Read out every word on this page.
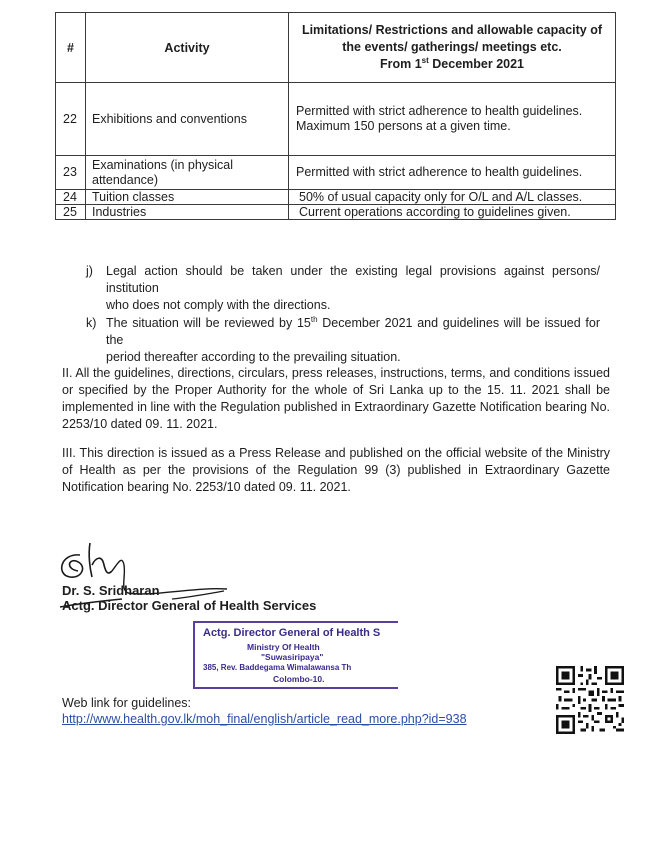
#	Activity	Limitations/ Restrictions and allowable capacity of
the events/ gatherings/ meetings etc.
From 1st December 2021

22	Exhibitions and conventions	Permitted with strict adherence to health guidelines.
Maximum 150 persons at a given time.

23	Examinations (in physical
attendance)	Permitted with strict adherence to health guidelines.
24	Tuition classes	50% of usual capacity only for O/L and A/L classes.
25	Industries	Current operations according to guidelines given.
j) Legal action should be taken under the existing legal provisions against persons/ institution
who does not comply with the directions.
k) The situation will be reviewed by 15th December 2021 and guidelines will be issued for the
period thereafter according to the prevailing situation.
II. All the guidelines, directions, circulars, press releases, instructions, terms, and conditions issued or specified by the Proper Authority for the whole of Sri Lanka up to the 15. 11. 2021 shall be implemented in line with the Regulation published in Extraordinary Gazette Notification bearing No. 2253/10 dated 09. 11. 2021.
III. This direction is issued as a Press Release and published on the official website of the Ministry of Health as per the provisions of the Regulation 99 (3) published in Extraordinary Gazette Notification bearing No. 2253/10 dated 09. 11. 2021.
Dr. S. Sridharan
Actg. Director General of Health Services
Actg. Director General of Health S
Ministry Of Health
"Suwasiripaya"
385, Rev. Baddegama Wimalawansa Th
Colombo-10.
Web link for guidelines:
http://www.health.gov.lk/moh_final/english/article_read_more.php?id=938
